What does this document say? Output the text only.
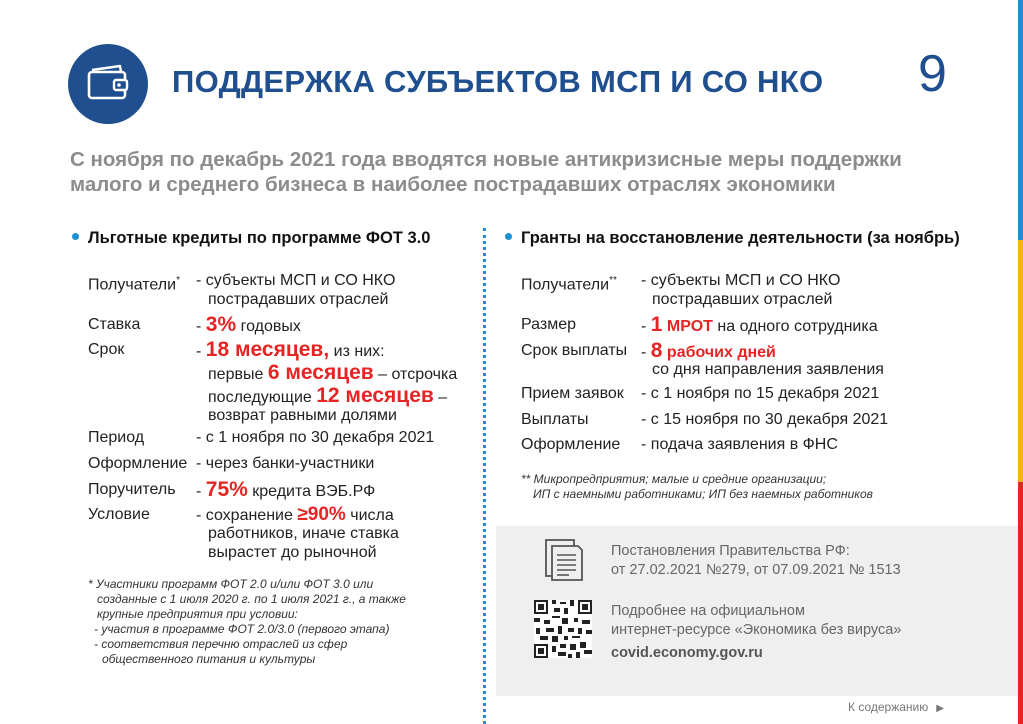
ПОДДЕРЖКА СУБЪЕКТОВ МСП И СО НКО 9
С ноября по декабрь 2021 года вводятся новые антикризисные меры поддержки
малого и среднего бизнеса в наиболее пострадавших отраслях экономики
Льготные кредиты по программе ФОТ 3.0
Получатели* - субъекты МСП и СО НКО
пострадавших отраслей
Ставка	- 3% годовых
Срок	- 18 месяцев, из них:
первые 6 месяцев – отсрочка
последующие 12 месяцев –
возврат равными долями
Период	- с 1 ноября по 30 декабря 2021
Оформление - через банки-участники
Поручитель - 75% кредита ВЭБ.РФ
Условие	- сохранение ≥90% числа
работников, иначе ставка
вырастет до рыночной
* Участники программ ФОТ 2.0 и/или ФОТ 3.0 или
созданные с 1 июля 2020 г. по 1 июля 2021 г., а также
крупные предприятия при условии:
- участия в программе ФОТ 2.0/3.0 (первого этапа)
- соответствия перечню отраслей из сфер
общественного питания и культуры
Гранты на восстановление деятельности (за ноябрь)
Получатели** - субъекты МСП и СО НКО
пострадавших отраслей
Размер	- 1 МРОТ на одного сотрудника
Срок выплаты - 8 рабочих дней
со дня направления заявления
Прием заявок - с 1 ноября по 15 декабря 2021
Выплаты	- с 15 ноября по 30 декабря 2021
Оформление - подача заявления в ФНС
** Микропредприятия; малые и средние организации;
ИП с наемными работниками; ИП без наемных работников
Постановления Правительства РФ:
от 27.02.2021 №279, от 07.09.2021 № 1513
Подробнее на официальном
интернет-ресурсе «Экономика без вируса»
covid.economy.gov.ru
К содержанию ▶
